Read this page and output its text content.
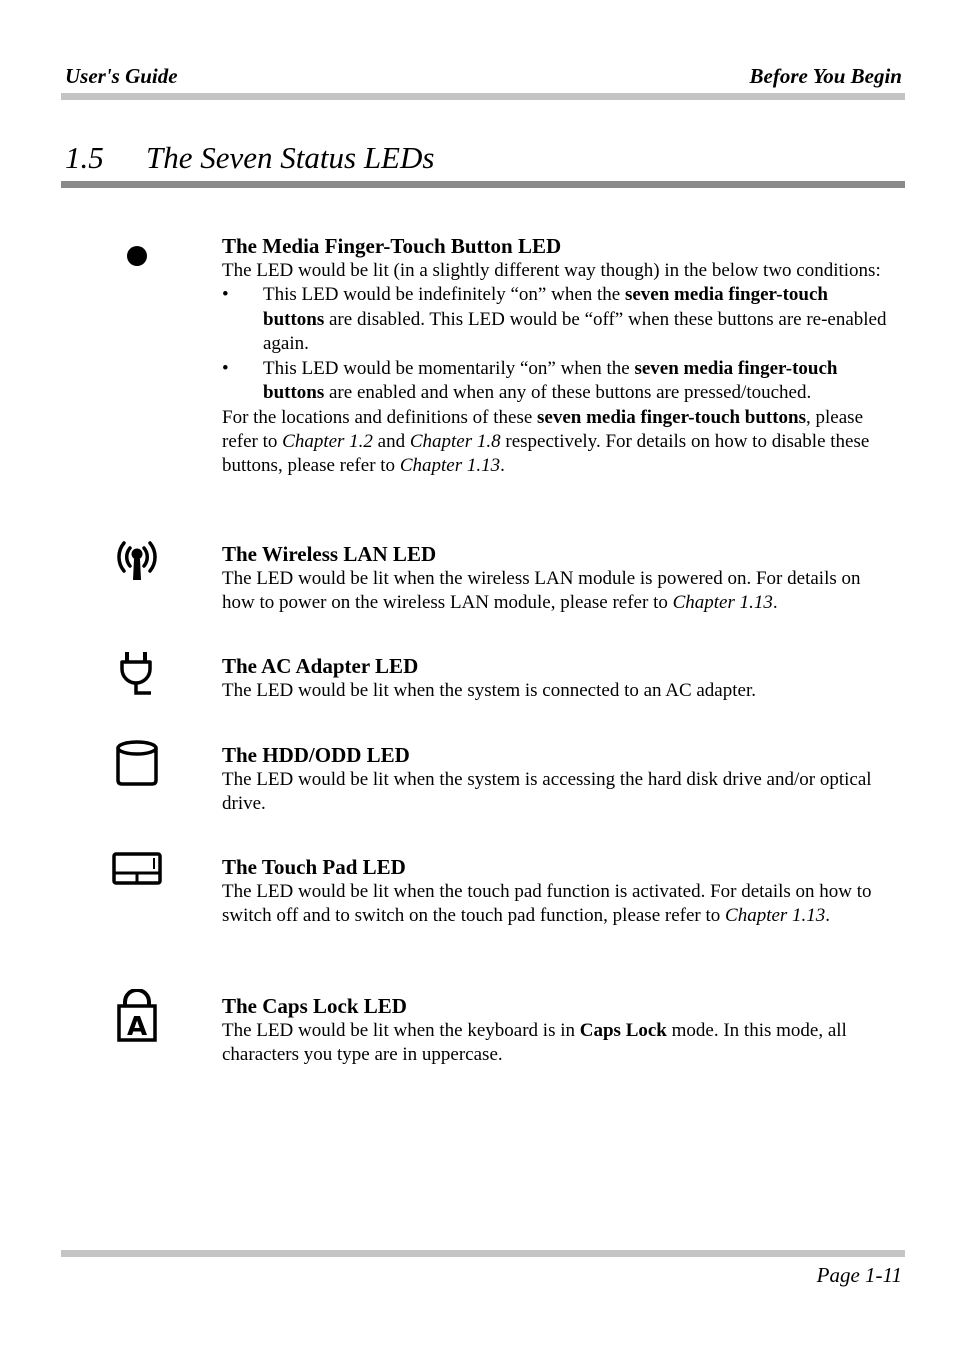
User's Guide	Before You Begin
1.5 The Seven Status LEDs
The Media Finger-Touch Button LED

The LED would be lit (in a slightly different way though) in the below two conditions:

• This LED would be indefinitely “on” when the seven media finger-touch buttons are disabled. This LED would be “off” when these buttons are re-enabled again.
• This LED would be momentarily “on” when the seven media finger-touch buttons are enabled and when any of these buttons are pressed/touched.

For the locations and definitions of these seven media finger-touch buttons, please refer to Chapter 1.2 and Chapter 1.8 respectively. For details on how to disable these buttons, please refer to Chapter 1.13.

The Wireless LAN LED

The LED would be lit when the wireless LAN module is powered on. For details on how to power on the wireless LAN module, please refer to Chapter 1.13.

The AC Adapter LED

The LED would be lit when the system is connected to an AC adapter.

The HDD/ODD LED

The LED would be lit when the system is accessing the hard disk drive and/or optical drive.

The Touch Pad LED

The LED would be lit when the touch pad function is activated. For details on how to switch off and to switch on the touch pad function, please refer to Chapter 1.13.

A
The Caps Lock LED

The LED would be lit when the keyboard is in Caps Lock mode. In this mode, all characters you type are in uppercase.

Page 1-11
